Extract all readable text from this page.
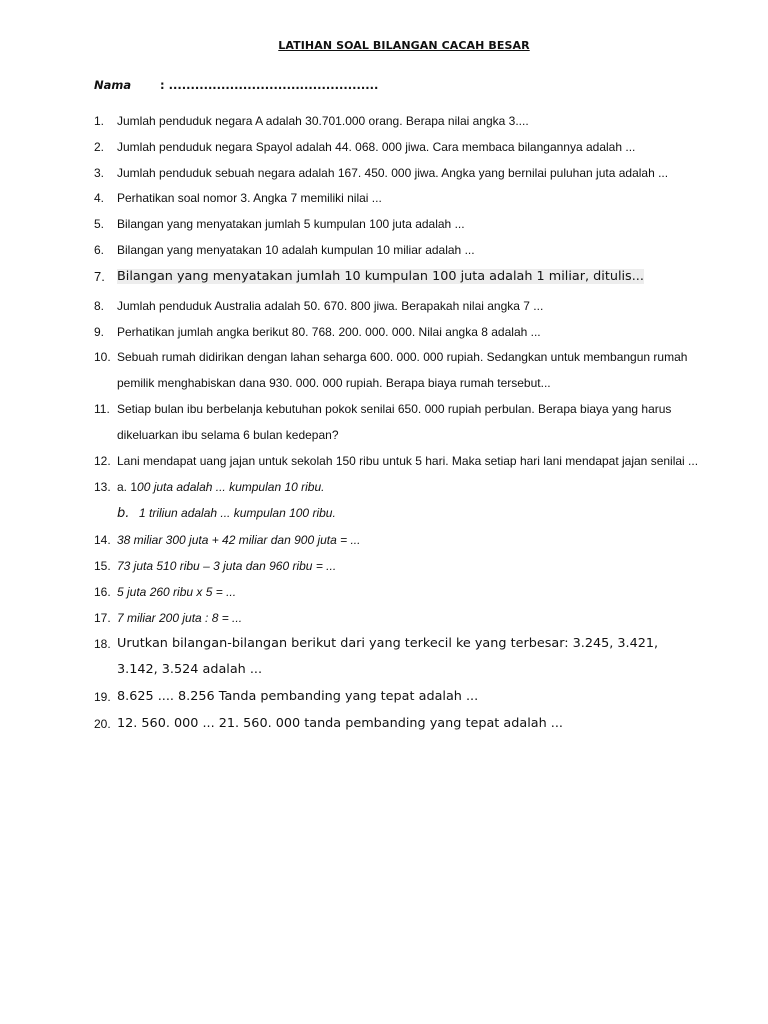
LATIHAN SOAL BILANGAN CACAH BESAR
Nama	: ................................................
1. Jumlah penduduk negara A adalah 30.701.000 orang. Berapa nilai angka 3....
2. Jumlah penduduk negara Spayol adalah 44. 068. 000 jiwa. Cara membaca bilangannya adalah ...
3. Jumlah penduduk sebuah negara adalah 167. 450. 000 jiwa. Angka yang bernilai puluhan juta adalah ...
4. Perhatikan soal nomor 3. Angka 7 memiliki nilai ...
5. Bilangan yang menyatakan jumlah 5 kumpulan 100 juta adalah ...
6. Bilangan yang menyatakan 10 adalah kumpulan 10 miliar adalah ...
7. Bilangan yang menyatakan jumlah 10 kumpulan 100 juta adalah 1 miliar, ditulis...
8. Jumlah penduduk Australia adalah 50. 670. 800 jiwa. Berapakah nilai angka 7 ...
9. Perhatikan jumlah angka berikut 80. 768. 200. 000. 000. Nilai angka 8 adalah ...
10. Sebuah rumah didirikan dengan lahan seharga 600. 000. 000 rupiah. Sedangkan untuk membangun rumah pemilik menghabiskan dana 930. 000. 000 rupiah. Berapa biaya rumah tersebut...
11. Setiap bulan ibu berbelanja kebutuhan pokok senilai 650. 000 rupiah perbulan. Berapa biaya yang harus dikeluarkan ibu selama 6 bulan kedepan?
12. Lani mendapat uang jajan untuk sekolah 150 ribu untuk 5 hari. Maka setiap hari lani mendapat jajan senilai ...
13. a. 100 juta adalah ... kumpulan 10 ribu.
b. 1 triliun adalah ... kumpulan 100 ribu.
14. 38 miliar 300 juta + 42 miliar dan 900 juta = ...
15. 73 juta 510 ribu – 3 juta dan 960 ribu = ...
16. 5 juta 260 ribu x 5 = ...
17. 7 miliar 200 juta : 8 = ...
18. Urutkan bilangan-bilangan berikut dari yang terkecil ke yang terbesar: 3.245, 3.421, 3.142, 3.524 adalah ...
19. 8.625 .... 8.256 Tanda pembanding yang tepat adalah ...
20. 12. 560. 000 ... 21. 560. 000 tanda pembanding yang tepat adalah ...
